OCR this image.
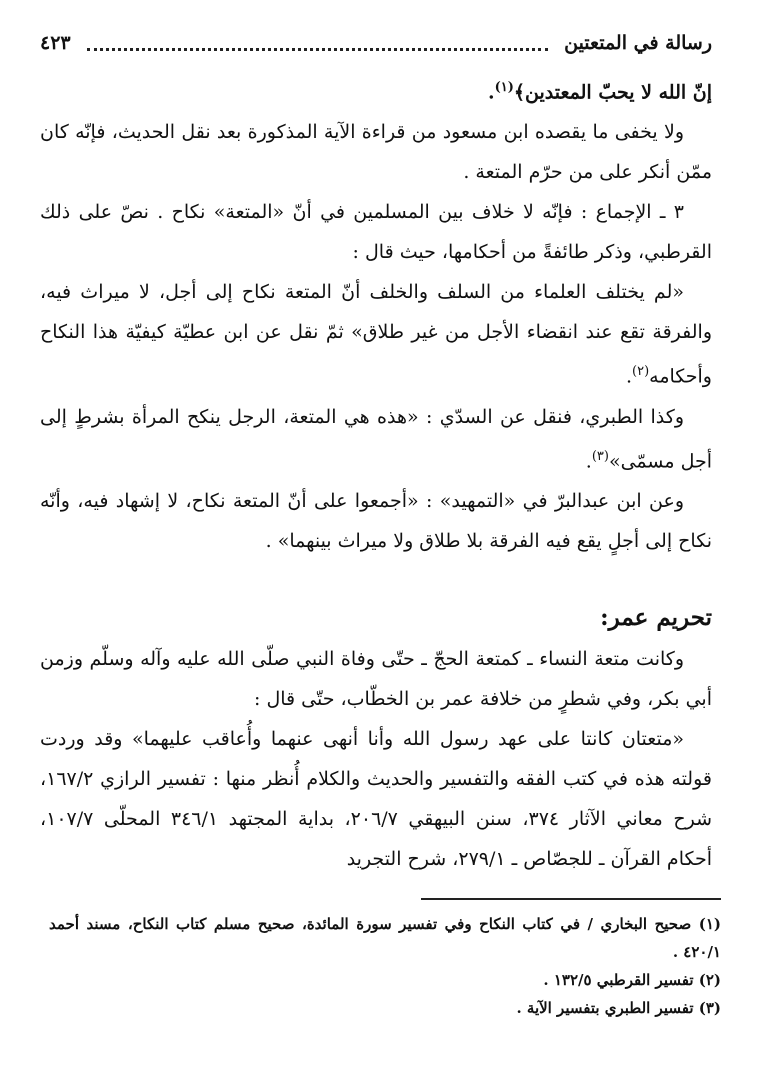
رسالة في المتعتين
٤٢٣

إنّ الله لا يحبّ المعتدين﴾$^{(١)}$.

ولا يخفى ما يقصده ابن مسعود من قراءة الآية المذكورة بعد نقل الحديث، فإنّه كان ممّن أنكر على من حرّم المتعة .

٣ ـ الإجماع : فإنّه لا خلاف بين المسلمين في أنّ «المتعة» نكاح . نصّ على ذلك القرطبي، وذكر طائفةً من أحكامها، حيث قال :

«لم يختلف العلماء من السلف والخلف أنّ المتعة نكاح إلى أجل، لا ميراث فيه، والفرقة تقع عند انقضاء الأجل من غير طلاق» ثمّ نقل عن ابن عطيّة كيفيّة هذا النكاح وأحكامه$^{(٢)}$.

وكذا الطبري، فنقل عن السدّي : «هذه هي المتعة، الرجل ينكح المرأة بشرطٍ إلى أجل مسمّى»$^{(٣)}$.

وعن ابن عبدالبرّ في «التمهيد» : «أجمعوا على أنّ المتعة نكاح، لا إشهاد فيه، وأنّه نكاح إلى أجلٍ يقع فيه الفرقة بلا طلاق ولا ميراث بينهما» .

تحريم عمر:

وكانت متعة النساء ـ كمتعة الحجّ ـ حتّى وفاة النبي صلّى الله عليه وآله وسلّم وزمن أبي بكر، وفي شطرٍ من خلافة عمر بن الخطّاب، حتّى قال :

«متعتان كانتا على عهد رسول الله وأنا أنهى عنهما وأُعاقب عليهما» وقد وردت قولته هذه في كتب الفقه والتفسير والحديث والكلام أُنظر منها : تفسير الرازي ١٦٧/٢، شرح معاني الآثار ٣٧٤، سنن البيهقي ٢٠٦/٧، بداية المجتهد ٣٤٦/١ المحلّى ١٠٧/٧، أحكام القرآن ـ للجصّاص ـ ٢٧٩/١، شرح التجريد

(١) صحيح البخاري / في كتاب النكاح وفي تفسير سورة المائدة، صحيح مسلم كتاب النكاح، مسند أحمد ٤٢٠/١ .

(٢) تفسير القرطبي ١٣٢/٥ .

(٣) تفسير الطبري بتفسير الآية .
